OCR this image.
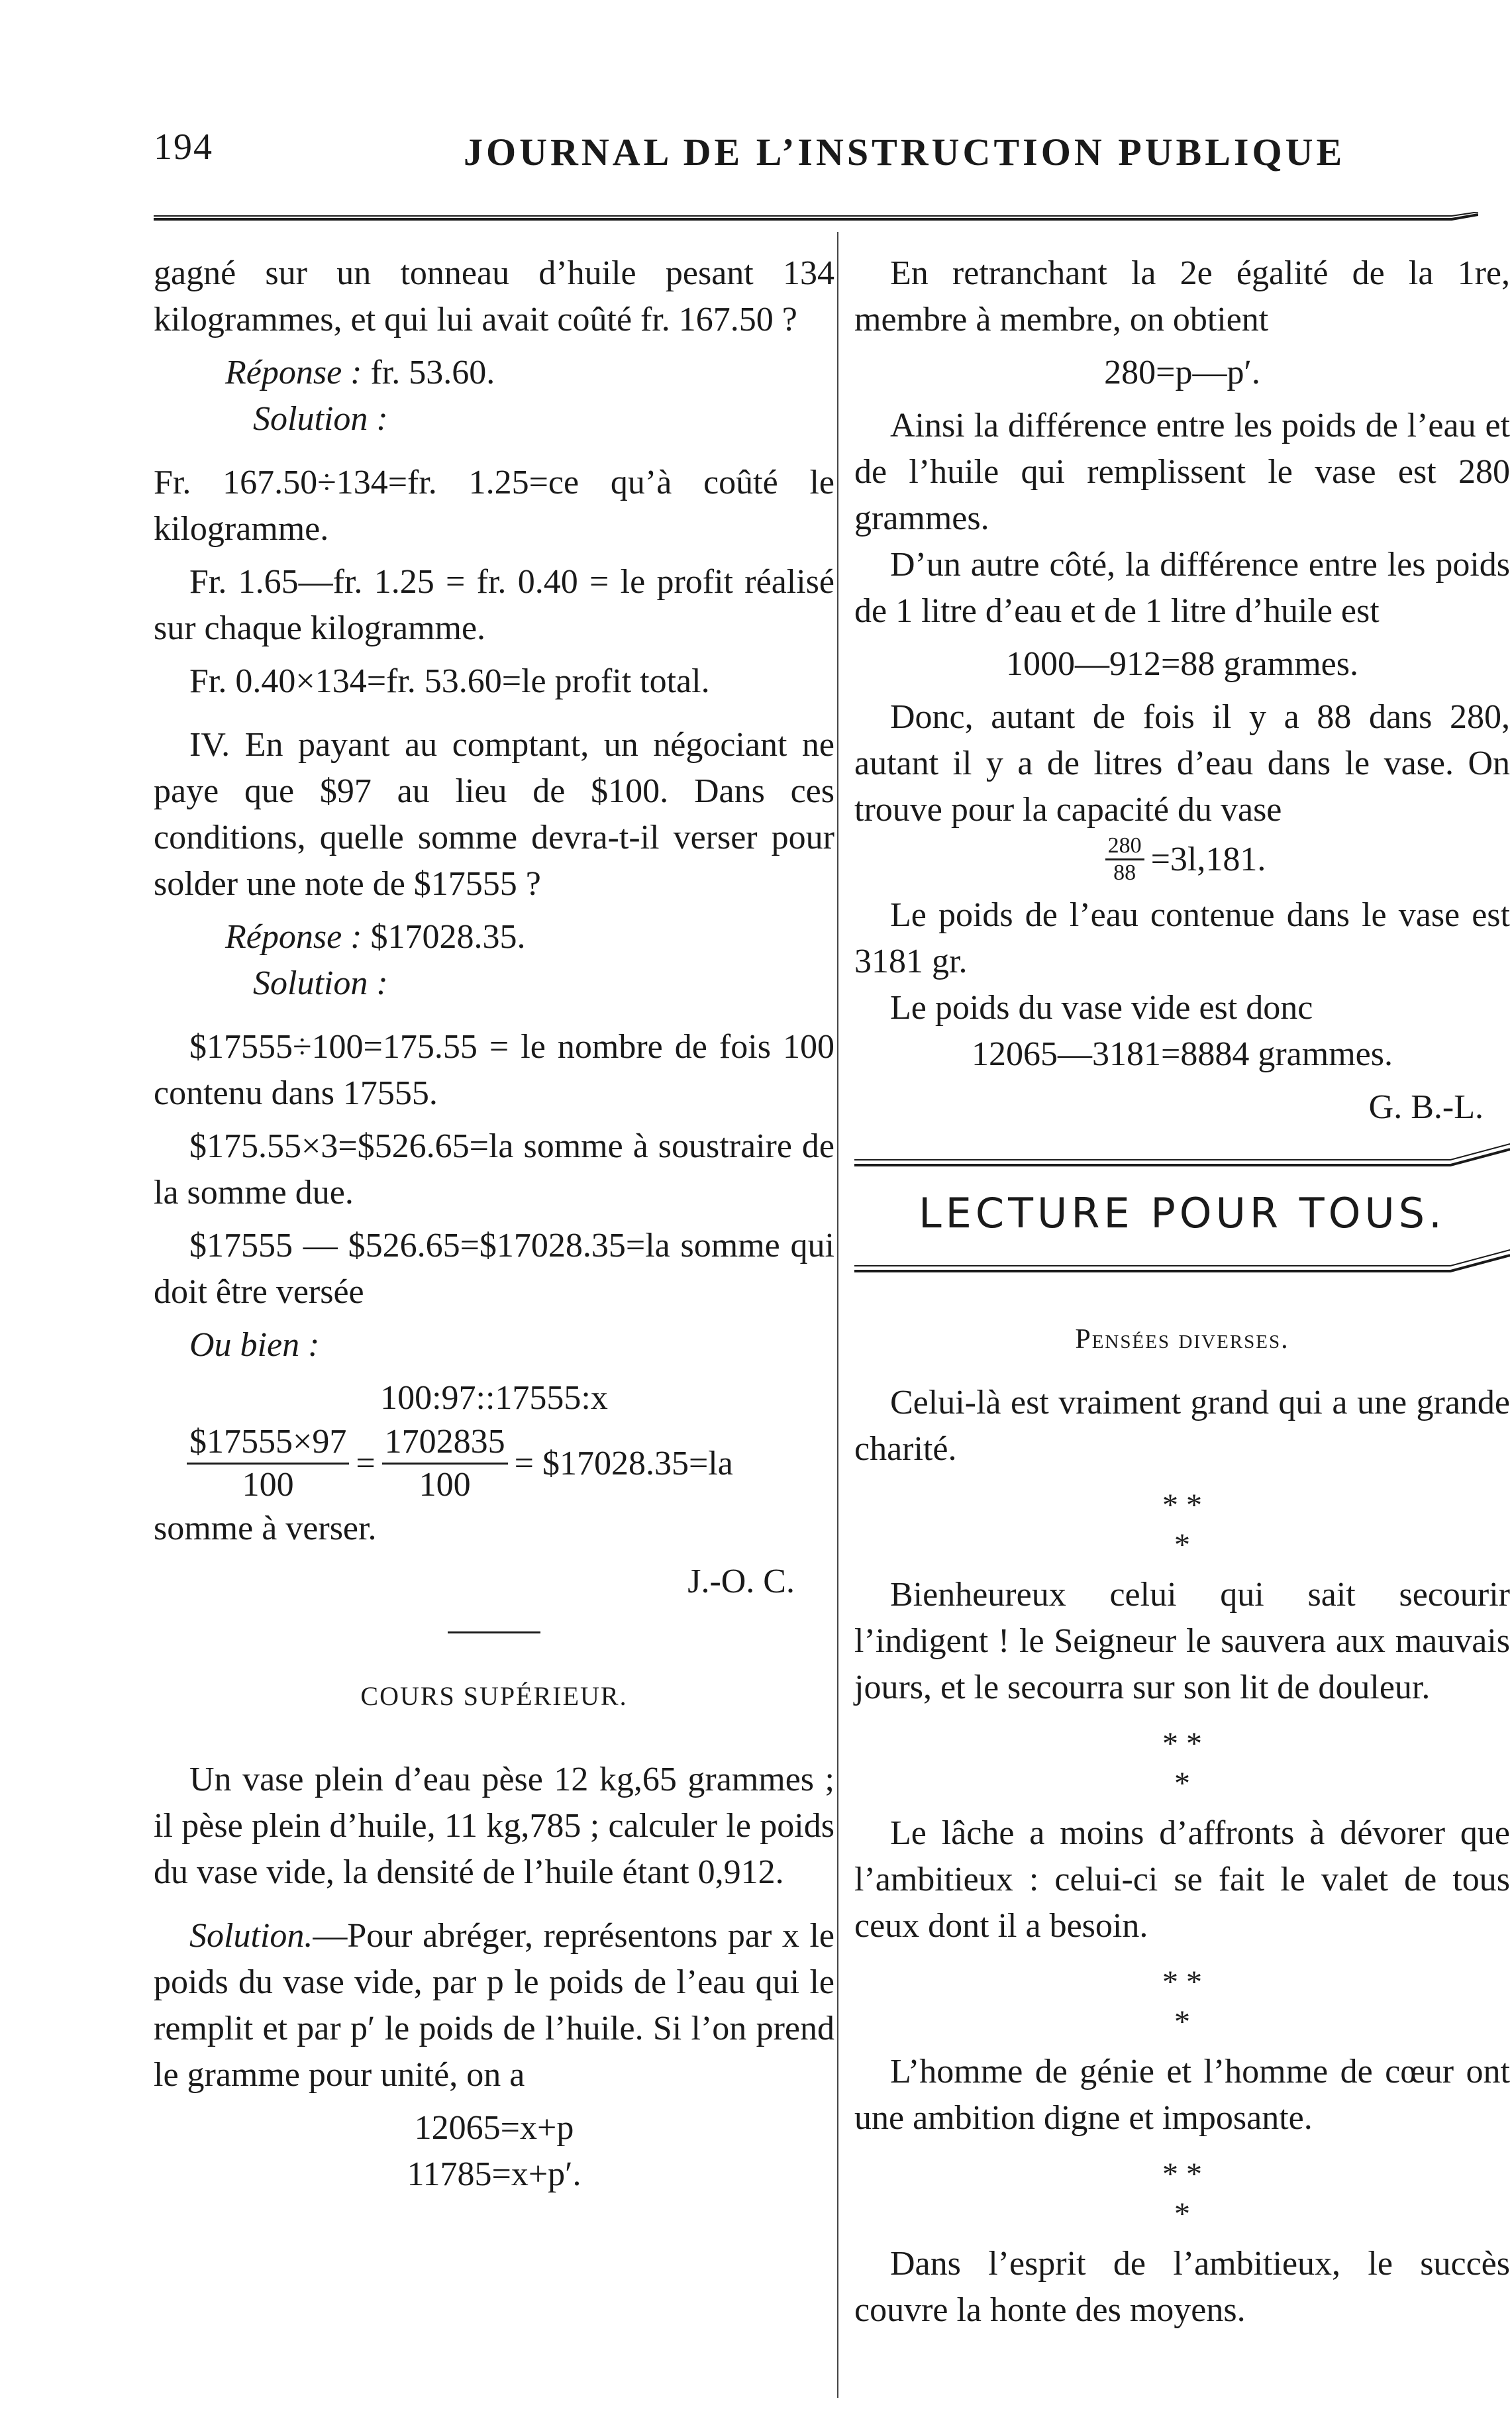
194	JOURNAL DE L’INSTRUCTION PUBLIQUE

gagné sur un tonneau d’huile pesant 134 kilogrammes, et qui lui avait coûté fr. 167.50 ?

Réponse : fr. 53.60.

Solution :

Fr. 167.50÷134=fr. 1.25=ce qu’à coûté le kilogramme.

Fr. 1.65—fr. 1.25 = fr. 0.40 = le profit réalisé sur chaque kilogramme.

Fr. 0.40×134=fr. 53.60=le profit total.

IV. En payant au comptant, un négociant ne paye que $97 au lieu de $100. Dans ces conditions, quelle somme devra-t-il verser pour solder une note de $17555 ?

Réponse : $17028.35.

Solution :

$17555÷100=175.55 = le nombre de fois 100 contenu dans 17555.

$175.55×3=$526.65=la somme à soustraire de la somme due.

$17555 — $526.65=$17028.35=la somme qui doit être versée

Ou bien :

100:97::17555:x

$\frac{\$17555\times 97}{100} = \frac{1702835}{100}$ = $17028.35=la

somme à verser.

J.-O. C.

COURS SUPÉRIEUR.

Un vase plein d’eau pèse 12 kg,65 grammes ; il pèse plein d’huile, 11 kg,785 ; calculer le poids du vase vide, la densité de l’huile étant 0,912.

Solution.—Pour abréger, représentons par x le poids du vase vide, par p le poids de l’eau qui le remplit et par p′ le poids de l’huile. Si l’on prend le gramme pour unité, on a

12065=x+p

11785=x+p′.

En retranchant la 2e égalité de la 1re, membre à membre, on obtient

280=p—p′.

Ainsi la différence entre les poids de l’eau et de l’huile qui remplissent le vase est 280 grammes.

D’un autre côté, la différence entre les poids de 1 litre d’eau et de 1 litre d’huile est

1000—912=88 grammes.

Donc, autant de fois il y a 88 dans 280, autant il y a de litres d’eau dans le vase. On trouve pour la capacité du vase

$\frac{280}{88} =3l,181$.

Le poids de l’eau contenue dans le vase est 3181 gr.

Le poids du vase vide est donc

12065—3181=8884 grammes.

G. B.-L.

LECTURE POUR TOUS.

Pensées diverses.

Celui-là est vraiment grand qui a une grande charité.

* *
*

Bienheureux celui qui sait secourir l’indigent ! le Seigneur le sauvera aux mauvais jours, et le secourra sur son lit de douleur.

* *
*

Le lâche a moins d’affronts à dévorer que l’ambitieux : celui-ci se fait le valet de tous ceux dont il a besoin.

* *
*

L’homme de génie et l’homme de cœur ont une ambition digne et imposante.

* *
*

Dans l’esprit de l’ambitieux, le succès couvre la honte des moyens.
